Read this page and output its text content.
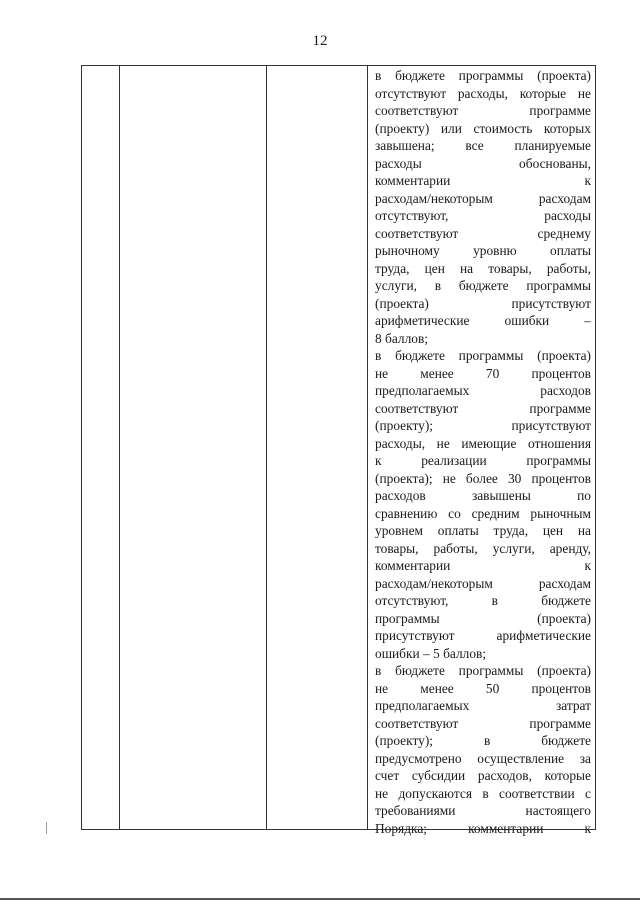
12
в бюджете программы (проекта)
отсутствуют расходы, которые не
соответствуют программе
(проекту) или стоимость которых
завышена; все планируемые
расходы обоснованы,
комментарии к
расходам/некоторым расходам
отсутствуют, расходы
соответствуют среднему
рыночному уровню оплаты
труда, цен на товары, работы,
услуги, в бюджете программы
(проекта) присутствуют
арифметические ошибки –
8 баллов;
в бюджете программы (проекта)
не менее 70 процентов
предполагаемых расходов
соответствуют программе
(проекту); присутствуют
расходы, не имеющие отношения
к реализации программы
(проекта); не более 30 процентов
расходов завышены по
сравнению со средним рыночным
уровнем оплаты труда, цен на
товары, работы, услуги, аренду,
комментарии к
расходам/некоторым расходам
отсутствуют, в бюджете
программы (проекта)
присутствуют арифметические
ошибки – 5 баллов;
в бюджете программы (проекта)
не менее 50 процентов
предполагаемых затрат
соответствуют программе
(проекту); в бюджете
предусмотрено осуществление за
счет субсидии расходов, которые
не допускаются в соответствии с
требованиями настоящего
Порядка; комментарии к
